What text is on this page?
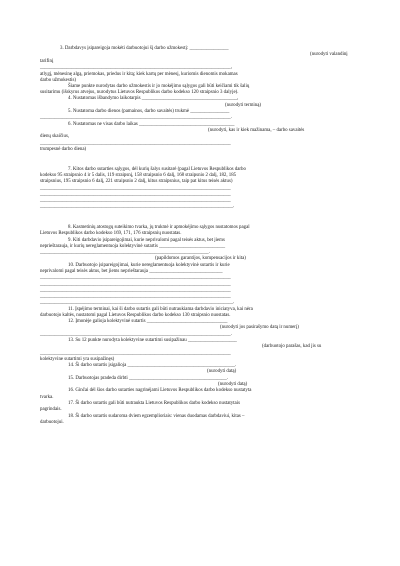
3. Darbdavys įsipareigoja mokėti darbuotojui šį darbo užmokestį: ________________
(nurodyti valandinį
tarifinį
______________________________________________________________________________,
atlygį, mėnesinę algą, priemokas, priedus ir kitą; kiek kartų per mėnesį, kuriomis dienomis mokamas
darbo užmokestis)
Šiame punkte nurodytas darbo užmokestis ir jo mokėjimo sąlygos gali būti keičiami tik šalių
susitarimu (išskyrus atvejus, nurodytus Lietuvos Respublikos darbo kodekso 120 straipsnio 3 dalyje).
4. Nustatomas išbandymo laikotarpis _______________________________________,
(nurodyti terminą)
5. Nustatoma darbo dienos (pamainos, darbo savaitės) trukmė ________________
______________________________________________________________________________.
6. Nustatomas ne visas darbo laikas _______________________________________
(nurodyti, kas ir kiek mažinama, – darbo savaitės
dienų skaičius,
______________________________________________________________________________
trumpesnė darbo diena)
7. Kitos darbo sutarties sąlygos, dėl kurių šalys susitarė (pagal Lietuvos Respublikos darbo
kodekso 95 straipsnio 4 ir 5 dalis, 119 straipsnį, 158 straipsnio 6 dalį, 168 straipsnio 2 dalį, 182, 185
straipsnius, 195 straipsnio 6 dalį, 221 straipsnio 2 dalį, kitus straipsnius, taip pat kitus teisės aktus)
______________________________________________________________________________
______________________________________________________________________________
______________________________________________________________________________
_______________________________________________________________________________.
8. Kasmetinių atostogų suteikimo tvarka, jų trukmė ir apmokėjimo sąlygos nustatomos pagal
Lietuvos Respublikos darbo kodekso 169, 171, 176 straipsnių nuostatas.
9. Kiti darbdavio įsipareigojimai, kurie neprivalomi pagal teisės aktus, bet jiems
neprieštarauja, ir kurių nereglamentuoja kolektyvinė sutartis ___________________________
_____________________________________________________________________.
(papildomos garantijos, kompensacijos ir kita)
10. Darbuotojo įsipareigojimai, kurie nereglamentuoja kolektyvinė sutartis ir kurie
neprivalomi pagal teisės aktus, bet jiems neprieštarauja ______________________________
______________________________________________________________________________
______________________________________________________________________________
______________________________________________________________________________
______________________________________________________________________________
_______________________________________________________________________________.
11. Įspėjimo terminai, kai ši darbo sutartis gali būti nutraukiama darbdavio iniciatyva, kai nėra
darbuotojo kaltės, nustatomi pagal Lietuvos Respublikos darbo kodekso 130 straipsnio nuostatas.
12. Įmonėje galioja kolektyvinė sutartis _________________________________
(nurodyti jos pasirašymo datą ir numerį)
______________________________________________________________________________.
13. Su 12 punkte nurodyta kolektyvine sutartimi susipažinau ____________________
(darbuotojo parašas, kad jis su
______________________________________________________________________________
kolektyvine sutartimi yra susipažinęs)
14. Ši darbo sutartis įsigalioja ____________________________________________.
(nurodyti datą)
15. Darbuotojas pradeda dirbti ________________________________________.
(nurodyti datą)
16. Ginčai dėl šios darbo sutarties nagrinėjami Lietuvos Respublikos darbo kodekso nustatyta
tvarka.
17. Ši darbo sutartis gali būti nutraukta Lietuvos Respublikos darbo kodekso nustatytais
pagrindais.
18. Ši darbo sutartis sudaroma dviem egzemplioriais: vienas duodamas darbdaviui, kitas –
darbuotojui.
